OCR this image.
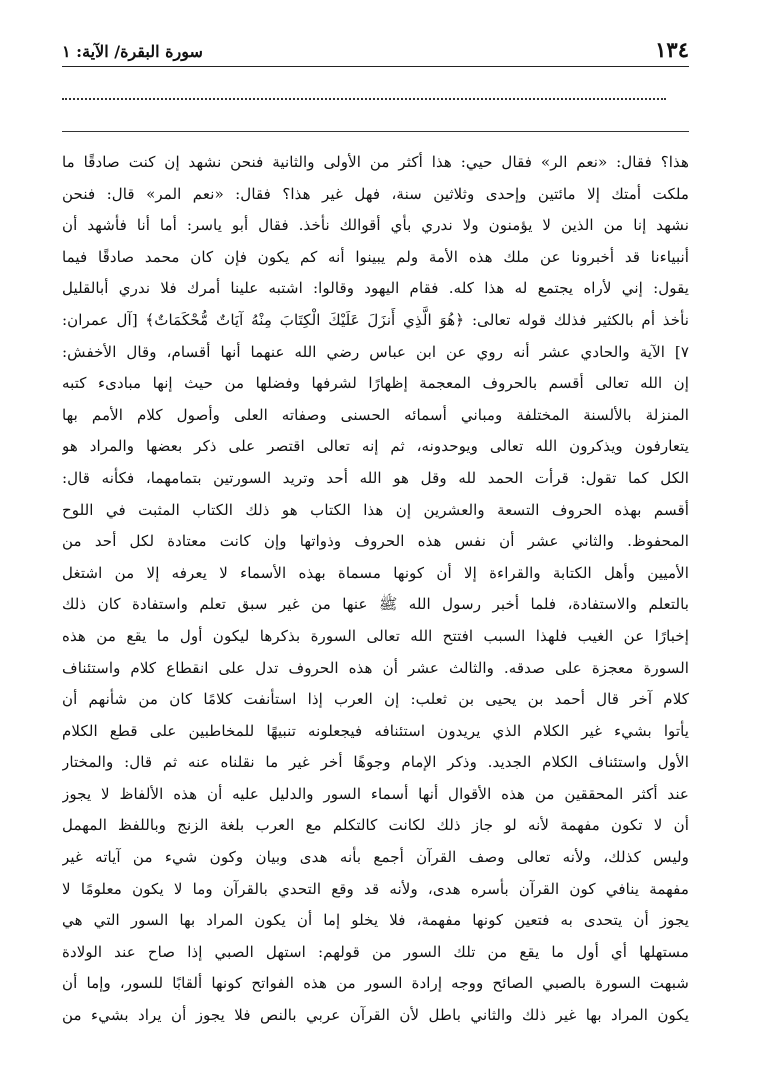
١٣٤
سورة البقرة/ الآية: ١
هذا؟ فقال: «نعم الر» فقال حيي: هذا أكثر من الأولى والثانية فنحن نشهد إن كنت صادقًا ما
ملكت أمتك إلا مائتين وإحدى وثلاثين سنة، فهل غير هذا؟ فقال: «نعم المر» قال: فنحن
نشهد إنا من الذين لا يؤمنون ولا ندري بأي أقوالك نأخذ. فقال أبو ياسر: أما أنا فأشهد أن
أنبياءنا قد أخبرونا عن ملك هذه الأمة ولم يبينوا أنه كم يكون فإن كان محمد صادقًا فيما
يقول: إني لأراه يجتمع له هذا كله. فقام اليهود وقالوا: اشتبه علينا أمرك فلا ندري أبالقليل
نأخذ أم بالكثير فذلك قوله تعالى: ﴿هُوَ الَّذِي أَنزَلَ عَلَيْكَ الْكِتَابَ مِنْهُ آيَاتٌ مُّحْكَمَاتٌ﴾ [آل عمران:
٧] الآية والحادي عشر أنه روي عن ابن عباس رضي الله عنهما أنها أقسام، وقال الأخفش:
إن الله تعالى أقسم بالحروف المعجمة إظهارًا لشرفها وفضلها من حيث إنها مبادىء كتبه
المنزلة بالألسنة المختلفة ومباني أسمائه الحسنى وصفاته العلى وأصول كلام الأمم بها
يتعارفون ويذكرون الله تعالى ويوحدونه، ثم إنه تعالى اقتصر على ذكر بعضها والمراد هو
الكل كما تقول: قرأت الحمد لله وقل هو الله أحد وتريد السورتين بتمامهما، فكأنه قال:
أقسم بهذه الحروف التسعة والعشرين إن هذا الكتاب هو ذلك الكتاب المثبت في اللوح
المحفوظ. والثاني عشر أن نفس هذه الحروف وذواتها وإن كانت معتادة لكل أحد من
الأميين وأهل الكتابة والقراءة إلا أن كونها مسماة بهذه الأسماء لا يعرفه إلا من اشتغل
بالتعلم والاستفادة، فلما أخبر رسول الله ﷺ عنها من غير سبق تعلم واستفادة كان ذلك
إخبارًا عن الغيب فلهذا السبب افتتح الله تعالى السورة بذكرها ليكون أول ما يقع من هذه
السورة معجزة على صدقه. والثالث عشر أن هذه الحروف تدل على انقطاع كلام واستئناف
كلام آخر قال أحمد بن يحيى بن ثعلب: إن العرب إذا استأنفت كلامًا كان من شأنهم أن
يأتوا بشيء غير الكلام الذي يريدون استئنافه فيجعلونه تنبيهًا للمخاطبين على قطع الكلام
الأول واستئناف الكلام الجديد. وذكر الإمام وجوهًا أخر غير ما نقلناه عنه ثم قال: والمختار
عند أكثر المحققين من هذه الأقوال أنها أسماء السور والدليل عليه أن هذه الألفاظ لا يجوز
أن لا تكون مفهمة لأنه لو جاز ذلك لكانت كالتكلم مع العرب بلغة الزنج وباللفظ المهمل
وليس كذلك، ولأنه تعالى وصف القرآن أجمع بأنه هدى وبيان وكون شيء من آياته غير
مفهمة ينافي كون القرآن بأسره هدى، ولأنه قد وقع التحدي بالقرآن وما لا يكون معلومًا لا
يجوز أن يتحدى به فتعين كونها مفهمة، فلا يخلو إما أن يكون المراد بها السور التي هي
مستهلها أي أول ما يقع من تلك السور من قولهم: استهل الصبي إذا صاح عند الولادة
شبهت السورة بالصبي الصائح ووجه إرادة السور من هذه الفواتح كونها ألقابًا للسور، وإما أن
يكون المراد بها غير ذلك والثاني باطل لأن القرآن عربي بالنص فلا يجوز أن يراد بشيء من
